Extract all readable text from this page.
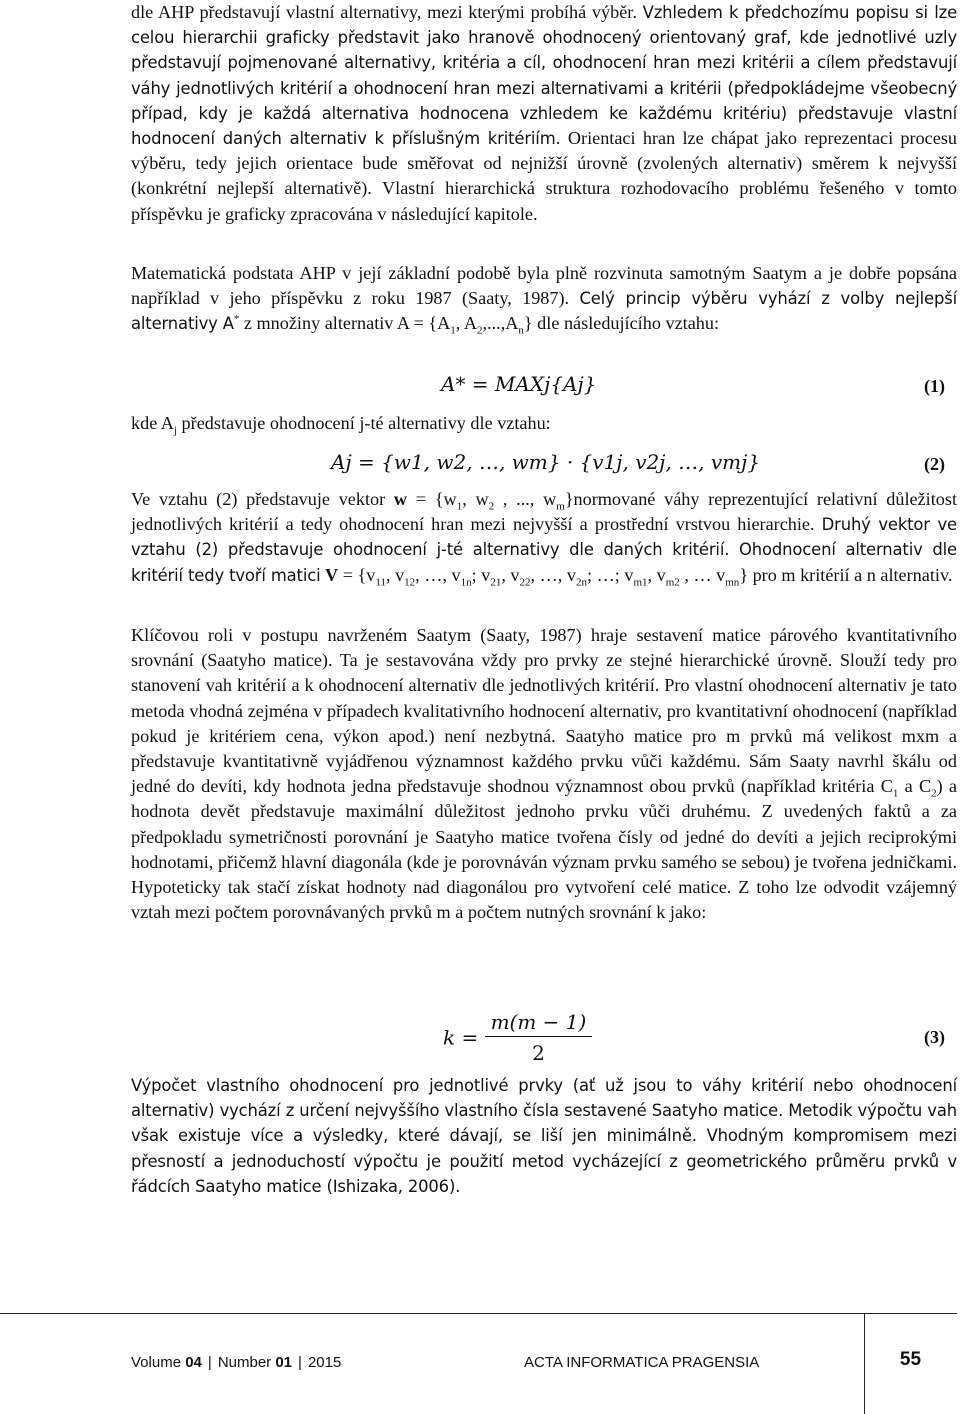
dle AHP představují vlastní alternativy, mezi kterými probíhá výběr. Vzhledem k předchozímu popisu si lze celou hierarchii graficky představit jako hranově ohodnocený orientovaný graf, kde jednotlivé uzly představují pojmenované alternativy, kritéria a cíl, ohodnocení hran mezi kritérii a cílem představují váhy jednotlivých kritérií a ohodnocení hran mezi alternativami a kritérii (předpokládejme všeobecný případ, kdy je každá alternativa hodnocena vzhledem ke každému kritériu) představuje vlastní hodnocení daných alternativ k příslušným kritériím. Orientaci hran lze chápat jako reprezentaci procesu výběru, tedy jejich orientace bude směřovat od nejnižší úrovně (zvolených alternativ) směrem k nejvyšší (konkrétní nejlepší alternativě). Vlastní hierarchická struktura rozhodovacího problému řešeného v tomto příspěvku je graficky zpracována v následující kapitole.

Matematická podstata AHP v její základní podobě byla plně rozvinuta samotným Saatym a je dobře popsána například v jeho příspěvku z roku 1987 (Saaty, 1987). Celý princip výběru vyhází z volby nejlepší alternativy A* z množiny alternativ $A = \{A_1$, $A_2,...,A_n$} dle následujícího vztahu:

A* = MAXj{Aj}	(1)

kde $A_j$ představuje ohodnocení j-té alternativy dle vztahu:

Aj = {w1, w2, …, wm} · {v1j, v2j, …, vmj}	(2)

Ve vztahu (2) představuje vektor $w = \{w_1$, $w_2$ , ..., $w_m\}normované$ váhy reprezentující relativní důležitost jednotlivých kritérií a tedy ohodnocení hran mezi nejvyšší a prostřední vrstvou hierarchie. Druhý vektor ve vztahu (2) představuje ohodnocení j-té alternativy dle daných kritérií. Ohodnocení alternativ dle kritérií tedy tvoří matici $V = \{v_{11}$, $v_{12}$, …, $v_{1n}$; $v_{21}$, $v_{22}$, …, $v_{2n}$; …; $v_{m1}$, $v_{m2}$ , … $v_{mn}$} pro m kritérií a n alternativ.

Klíčovou roli v postupu navrženém Saatym (Saaty, 1987) hraje sestavení matice párového kvantitativního srovnání (Saatyho matice). Ta je sestavována vždy pro prvky ze stejné hierarchické úrovně. Slouží tedy pro stanovení vah kritérií a k ohodnocení alternativ dle jednotlivých kritérií. Pro vlastní ohodnocení alternativ je tato metoda vhodná zejména v případech kvalitativního hodnocení alternativ, pro kvantitativní ohodnocení (například pokud je kritériem cena, výkon apod.) není nezbytná. Saatyho matice pro m prvků má velikost mxm a představuje kvantitativně vyjádřenou významnost každého prvku vůči každému. Sám Saaty navrhl škálu od jedné do devíti, kdy hodnota jedna představuje shodnou významnost obou prvků (například kritéria $C_1$ a $C_2$) a hodnota devět představuje maximální důležitost jednoho prvku vůči druhému. Z uvedených faktů a za předpokladu symetričnosti porovnání je Saatyho matice tvořena čísly od jedné do devíti a jejich reciprokými hodnotami, přičemž hlavní diagonála (kde je porovnáván význam prvku samého se sebou) je tvořena jedničkami. Hypoteticky tak stačí získat hodnoty nad diagonálou pro vytvoření celé matice. Z toho lze odvodit vzájemný vztah mezi počtem porovnávaných prvků m a počtem nutných srovnání k jako:

$k = \frac{m(m - 1)}{2}$	(3)

Výpočet vlastního ohodnocení pro jednotlivé prvky (ať už jsou to váhy kritérií nebo ohodnocení alternativ) vychází z určení nejvyššího vlastního čísla sestavené Saatyho matice. Metodik výpočtu vah však existuje více a výsledky, které dávají, se liší jen minimálně. Vhodným kompromisem mezi přesností a jednoduchostí výpočtu je použití metod vycházející z geometrického průměru prvků v řádcích Saatyho matice (Ishizaka, 2006).

Volume 04 | Number 01 | 2015	ACTA INFORMATICA PRAGENSIA	55
